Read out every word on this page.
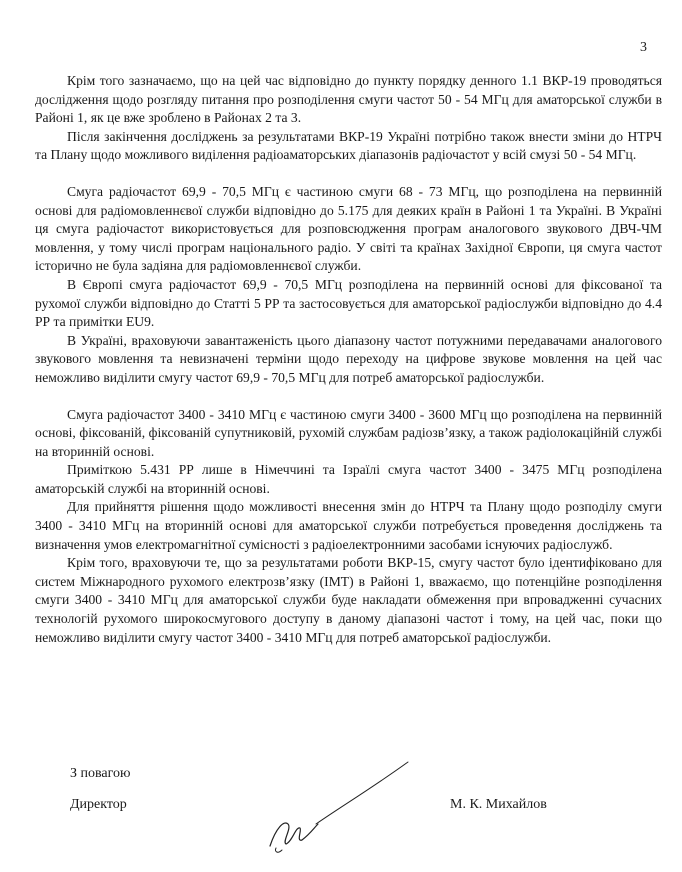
3

Крім того зазначаємо, що на цей час відповідно до пункту порядку денного 1.1 ВКР-19 проводяться дослідження щодо розгляду питання про розподілення смуги частот 50 - 54 МГц для аматорської служби в Районі 1, як це вже зроблено в Районах 2 та 3.

Після закінчення досліджень за результатами ВКР-19 Україні потрібно також внести зміни до НТРЧ та Плану щодо можливого виділення радіоаматорських діапазонів радіочастот у всій смузі 50 - 54 МГц.

Смуга радіочастот 69,9 - 70,5 МГц є частиною смуги 68 - 73 МГц, що розподілена на первинній основі для радіомовленнєвої служби відповідно до 5.175 для деяких країн в Районі 1 та Україні. В Україні ця смуга радіочастот використовується для розповсюдження програм аналогового звукового ДВЧ-ЧМ мовлення, у тому числі програм національного радіо. У світі та країнах Західної Європи, ця смуга частот історично не була задіяна для радіомовленнєвої служби.

В Європі смуга радіочастот 69,9 - 70,5 МГц розподілена на первинній основі для фіксованої та рухомої служби відповідно до Статті 5 РР та застосовується для аматорської радіослужби відповідно до 4.4 РР та примітки EU9.

В Україні, враховуючи завантаженість цього діапазону частот потужними передавачами аналогового звукового мовлення та невизначені терміни щодо переходу на цифрове звукове мовлення на цей час неможливо виділити смугу частот 69,9 - 70,5 МГц для потреб аматорської радіослужби.

Смуга радіочастот 3400 - 3410 МГц є частиною смуги 3400 - 3600 МГц що розподілена на первинній основі, фіксованій, фіксованій супутниковій, рухомій службам радіозв’язку, а також радіолокаційній службі на вторинній основі.

Приміткою 5.431 РР лише в Німеччині та Ізраїлі смуга частот 3400 - 3475 МГц розподілена аматорській службі на вторинній основі.

Для прийняття рішення щодо можливості внесення змін до НТРЧ та Плану щодо розподілу смуги 3400 - 3410 МГц на вторинній основі для аматорської служби потребується проведення досліджень та визначення умов електромагнітної сумісності з радіоелектронними засобами існуючих радіослужб.

Крім того, враховуючи те, що за результатами роботи ВКР-15, смугу частот було ідентифіковано для систем Міжнародного рухомого електрозв’язку (IMT) в Районі 1, вважаємо, що потенційне розподілення смуги 3400 - 3410 МГц для аматорської служби буде накладати обмеження при впровадженні сучасних технологій рухомого широкосмугового доступу в даному діапазоні частот і тому, на цей час, поки що неможливо виділити смугу частот 3400 - 3410 МГц для потреб аматорської радіослужби.

З повагою
Директор	М. К. Михайлов
